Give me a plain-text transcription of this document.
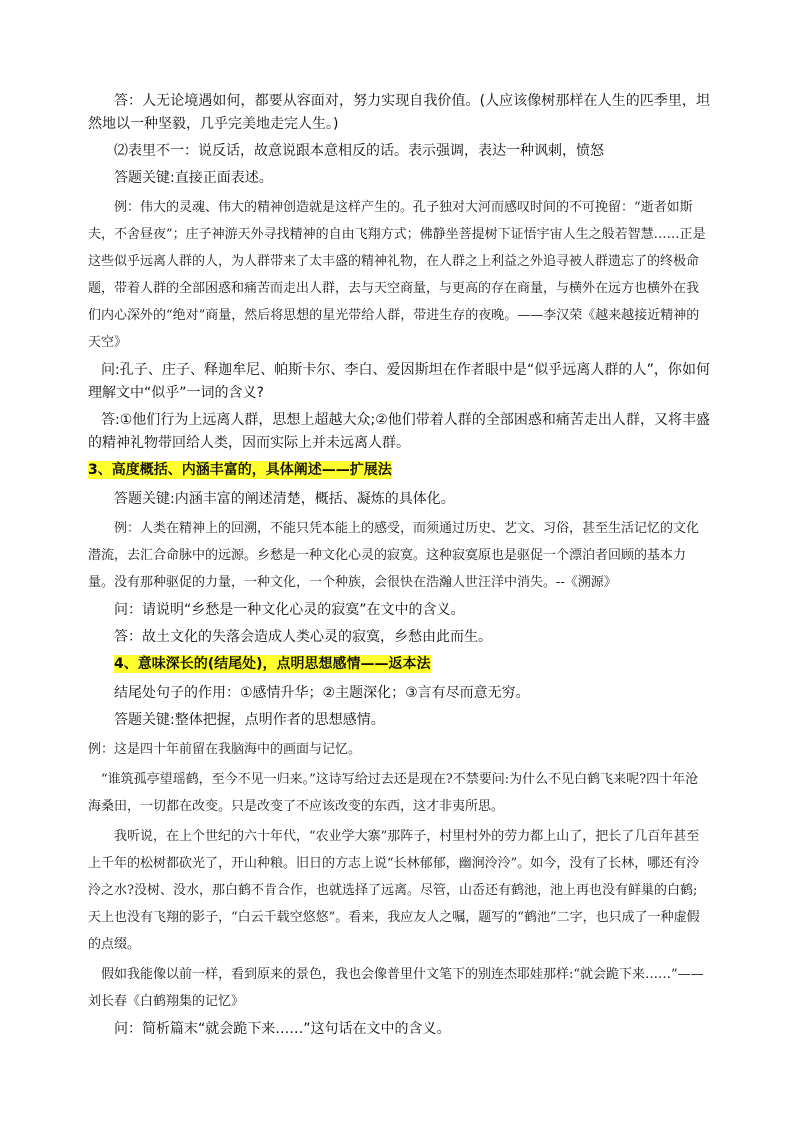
答：人无论境遇如何，都要从容面对，努力实现自我价值。(人应该像树那样在人生的匹季里，坦然地以一种坚毅，几乎完美地走完人生。)

⑵表里不一：说反话，故意说跟本意相反的话。表示强调，表达一种讽刺，愤怒

答题关键:直接正面表述。

例：伟大的灵魂、伟大的精神创造就是这样产生的。孔子独对大河而感叹时间的不可挽留：“逝者如斯夫，不舍昼夜”；庄子神游天外寻找精神的自由飞翔方式；佛静坐菩提树下证悟宇宙人生之般若智慧……正是这些似乎远离人群的人，为人群带来了太丰盛的精神礼物，在人群之上利益之外追寻被人群遗忘了的终极命题，带着人群的全部困惑和痛苦而走出人群，去与天空商量，与更高的存在商量，与横外在远方也横外在我们内心深外的“绝对”商量，然后将思想的星光带给人群，带进生存的夜晚。——李汉荣《越来越接近精神的天空》

问:孔子、庄子、释迦牟尼、帕斯卡尔、李白、爱因斯坦在作者眼中是“似乎远离人群的人”，你如何理解文中“似乎”一词的含义?

答:①他们行为上远离人群，思想上超越大众;②他们带着人群的全部困惑和痛苦走出人群，又将丰盛的精神礼物带回给人类，因而实际上并未远离人群。

3、高度概括、内涵丰富的，具体阐述——扩展法

答题关键:内涵丰富的阐述清楚，概括、凝炼的具体化。

例：人类在精神上的回溯，不能只凭本能上的感受，而须通过历史、艺文、习俗，甚至生活记忆的文化潜流，去汇合命脉中的远源。乡愁是一种文化心灵的寂寞。这种寂寞原也是驱促一个漂泊者回顾的基本力量。没有那种驱促的力量，一种文化，一个种族，会很快在浩瀚人世汪洋中消失。--《溯源》

问：请说明“乡愁是一种文化心灵的寂寞”在文中的含义。

答：故土文化的失落会造成人类心灵的寂寞，乡愁由此而生。

4、意味深长的(结尾处)，点明思想感情——返本法

结尾处句子的作用：①感情升华；②主题深化；③言有尽而意无穷。

答题关键:整体把握，点明作者的思想感情。

例：这是四十年前留在我脑海中的画面与记忆。

“谁筑孤亭望瑶鹤，至今不见一归来。”这诗写给过去还是现在?不禁要问:为什么不见白鹤飞来呢?四十年沧海桑田，一切都在改变。只是改变了不应该改变的东西，这才非夷所思。

我听说，在上个世纪的六十年代，“农业学大寨”那阵子，村里村外的劳力都上山了，把长了几百年甚至上千年的松树都砍光了，开山种粮。旧日的方志上说“长林郁郁，幽涧泠泠”。如今，没有了长林，哪还有泠泠之水?没树、没水，那白鹤不肯合作，也就选择了远离。尽管，山岙还有鹤池，池上再也没有鲜巢的白鹤;天上也没有飞翔的影子，“白云千载空悠悠”。看来，我应友人之嘱，题写的“鹤池”二字，也只成了一种虚假的点缀。

假如我能像以前一样，看到原来的景色，我也会像普里什文笔下的别连杰耶娃那样:“就会跪下来……”——刘长春《白鹤翔集的记忆》

问：简析篇末“就会跪下来……”这句话在文中的含义。
